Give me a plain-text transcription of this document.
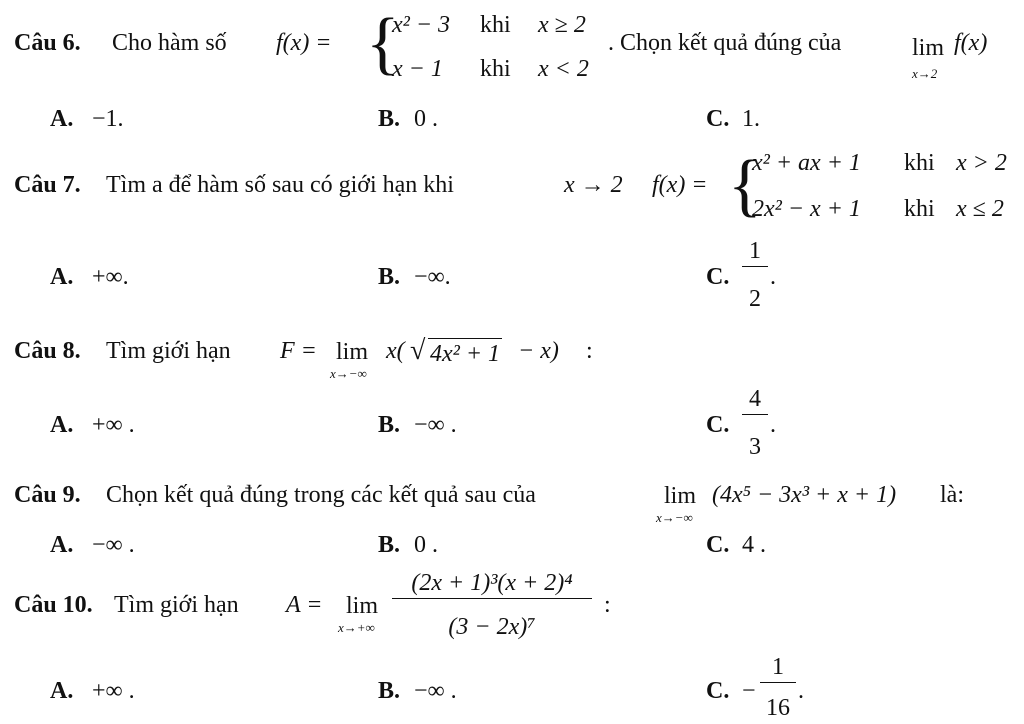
Câu 6. Cho hàm số f(x) = {
x² − 3 khi x ≥ 2
x − 1 khi x < 2
. Chọn kết quả đúng của	lim
x→2
f(x)
A. −1.	B. 0 .	C. 1.
Câu 7. Tìm a để hàm số sau có giới hạn khi	x → 2 f(x) = {
x² + ax + 1 khi x > 2
2x² − x + 1 khi x ≤ 2
A. +∞.	B. −∞.	C.
1
2
.
Câu 8. Tìm giới hạn F = lim
x→−∞
x( √ 4x² + 1 − x) :
A. +∞ .	B. −∞ .	C.
4
3
.
Câu 9. Chọn kết quả đúng trong các kết quả sau của	lim
x→−∞
(4x⁵ − 3x³ + x + 1) là:
A. −∞ .	B. 0 .	C. 4 .
Câu 10. Tìm giới hạn A = lim
x→+∞
(2x + 1)³(x + 2)⁴
(3 − 2x)⁷
:
A. +∞ .	B. −∞ .	C. −
1
16
.
